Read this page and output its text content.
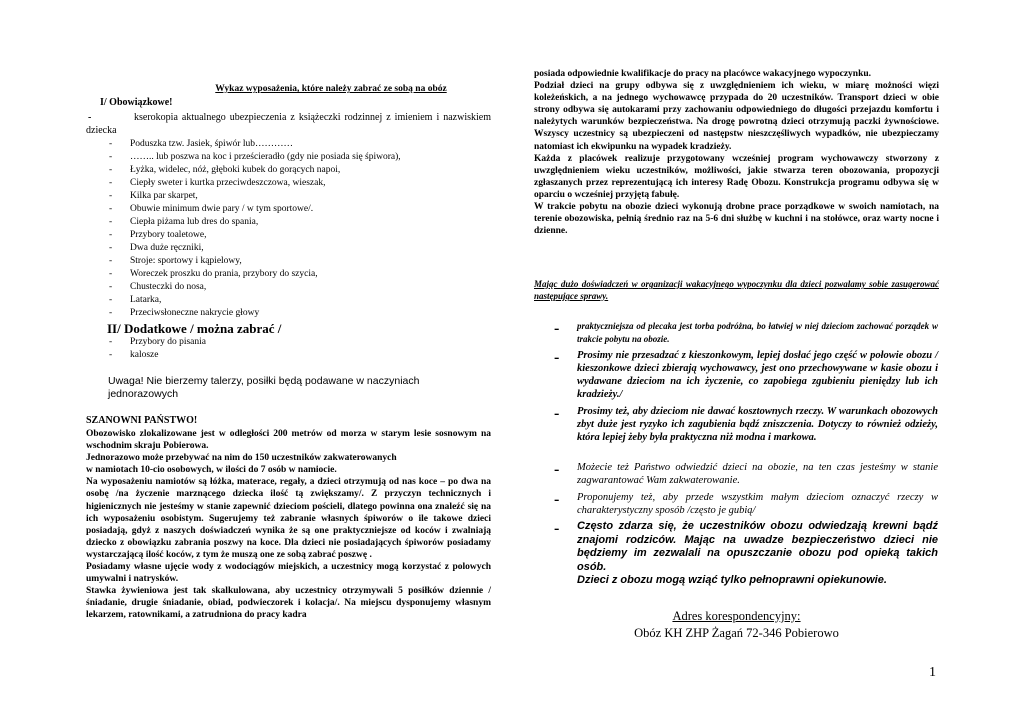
Wykaz wyposażenia, które należy zabrać ze sobą na obóz
I/ Obowiązkowe!
-	kserokopia aktualnego ubezpieczenia z książeczki rodzinnej z imieniem i nazwiskiem dziecka
- Poduszka tzw. Jasiek, śpiwór lub…………
- …….. lub poszwa na koc i prześcieradło (gdy nie posiada się śpiwora),
- Łyżka, widelec, nóż, głęboki kubek do gorących napoi,
- Ciepły sweter i kurtka przeciwdeszczowa, wieszak,
- Kilka par skarpet,
- Obuwie minimum dwie pary / w tym sportowe/.
- Ciepła piżama lub dres do spania,
- Przybory toaletowe,
- Dwa duże ręczniki,
- Stroje: sportowy i kąpielowy,
- Woreczek proszku do prania, przybory do szycia,
- Chusteczki do nosa,
- Latarka,
- Przeciwsłoneczne nakrycie głowy
II/ Dodatkowe / można zabrać /
- Przybory do pisania
- kalosze
Uwaga! Nie bierzemy talerzy, posiłki będą podawane w naczyniach jednorazowych
SZANOWNI PAŃSTWO!

Obozowisko zlokalizowane jest w odległości 200 metrów od morza w starym lesie sosnowym na wschodnim skraju Pobierowa.

Jednorazowo może przebywać na nim do 150 uczestników zakwaterowanych

w namiotach 10-cio osobowych, w ilości do 7 osób w namiocie.

Na wyposażeniu namiotów są łóżka, materace, regały, a dzieci otrzymują od nas koce – po dwa na osobę /na życzenie marznącego dziecka ilość tą zwiększamy/. Z przyczyn technicznych i higienicznych nie jesteśmy w stanie zapewnić dzieciom pościeli, dlatego powinna ona znaleźć się na ich wyposażeniu osobistym. Sugerujemy też zabranie własnych śpiworów o ile takowe dzieci posiadają, gdyż z naszych doświadczeń wynika że są one praktyczniejsze od koców i zwalniają dziecko z obowiązku zabrania poszwy na koce. Dla dzieci nie posiadających śpiworów posiadamy wystarczającą ilość koców, z tym że muszą one ze sobą zabrać poszwę .

Posiadamy własne ujęcie wody z wodociągów miejskich, a uczestnicy mogą korzystać z polowych umywalni i natrysków.

Stawka żywieniowa jest tak skalkulowana, aby uczestnicy otrzymywali 5 posiłków dziennie /śniadanie, drugie śniadanie, obiad, podwieczorek i kolacja/. Na miejscu dysponujemy własnym lekarzem, ratownikami, a zatrudniona do pracy kadra

posiada odpowiednie kwalifikacje do pracy na placówce wakacyjnego wypoczynku.

Podział dzieci na grupy odbywa się z uwzględnieniem ich wieku, w miarę możności więzi koleżeńskich, a na jednego wychowawcę przypada do 20 uczestników. Transport dzieci w obie strony odbywa się autokarami przy zachowaniu odpowiedniego do długości przejazdu komfortu i należytych warunków bezpieczeństwa. Na drogę powrotną dzieci otrzymują paczki żywnościowe. Wszyscy uczestnicy są ubezpieczeni od następstw nieszczęśliwych wypadków, nie ubezpieczamy natomiast ich ekwipunku na wypadek kradzieży.

Każda z placówek realizuje przygotowany wcześniej program wychowawczy stworzony z uwzględnieniem wieku uczestników, możliwości, jakie stwarza teren obozowania, propozycji zgłaszanych przez reprezentującą ich interesy Radę Obozu. Konstrukcja programu odbywa się w oparciu o wcześniej przyjętą fabułę.

W trakcie pobytu na obozie dzieci wykonują drobne prace porządkowe w swoich namiotach, na terenie obozowiska, pełnią średnio raz na 5-6 dni służbę w kuchni i na stołówce, oraz warty nocne i dzienne.

Mając dużo doświadczeń w organizacji wakacyjnego wypoczynku dla dzieci pozwalamy sobie zasugerować następujące sprawy.
- praktyczniejsza od plecaka jest torba podróżna, bo łatwiej w niej dzieciom zachować porządek w trakcie pobytu na obozie.
- Prosimy nie przesadzać z kieszonkowym, lepiej dosłać jego część w połowie obozu / kieszonkowe dzieci zbierają wychowawcy, jest ono przechowywane w kasie obozu i wydawane dzieciom na ich życzenie, co zapobiega zgubieniu pieniędzy lub ich kradzieży./
- Prosimy też, aby dzieciom nie dawać kosztownych rzeczy. W warunkach obozowych zbyt duże jest ryzyko ich zagubienia bądź zniszczenia. Dotyczy to również odzieży, która lepiej żeby była praktyczna niż modna i markowa.
- Możecie też Państwo odwiedzić dzieci na obozie, na ten czas jesteśmy w stanie zagwarantować Wam zakwaterowanie.
- Proponujemy też, aby przede wszystkim małym dzieciom oznaczyć rzeczy w charakterystyczny sposób /często je gubią/
- Często zdarza się, że uczestników obozu odwiedzają krewni bądź znajomi rodziców. Mając na uwadze bezpieczeństwo dzieci nie będziemy im zezwalali na opuszczanie obozu pod opieką takich osób.
Dzieci z obozu mogą wziąć tylko pełnoprawni opiekunowie.
Adres korespondencyjny:
Obóz KH ZHP Żagań 72-346 Pobierowo
1
